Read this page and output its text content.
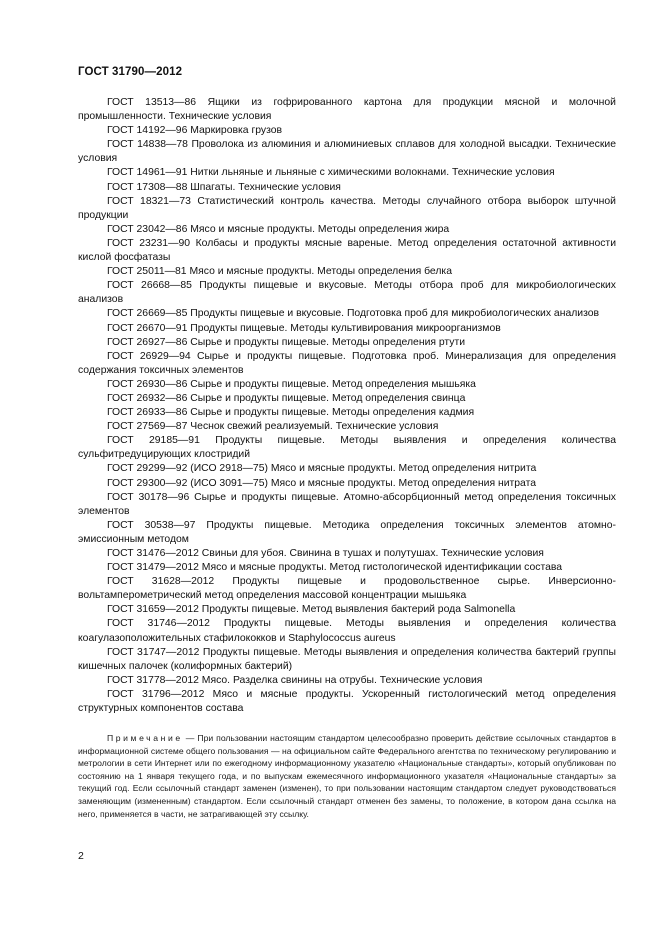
ГОСТ 31790—2012

ГОСТ 13513—86 Ящики из гофрированного картона для продукции мясной и молочной промышленности. Технические условия

ГОСТ 14192—96 Маркировка грузов

ГОСТ 14838—78 Проволока из алюминия и алюминиевых сплавов для холодной высадки. Технические условия

ГОСТ 14961—91 Нитки льняные и льняные с химическими волокнами. Технические условия

ГОСТ 17308—88 Шпагаты. Технические условия

ГОСТ 18321—73 Статистический контроль качества. Методы случайного отбора выборок штучной продукции

ГОСТ 23042—86 Мясо и мясные продукты. Методы определения жира

ГОСТ 23231—90 Колбасы и продукты мясные вареные. Метод определения остаточной активности кислой фосфатазы

ГОСТ 25011—81 Мясо и мясные продукты. Методы определения белка

ГОСТ 26668—85 Продукты пищевые и вкусовые. Методы отбора проб для микробиологических анализов

ГОСТ 26669—85 Продукты пищевые и вкусовые. Подготовка проб для микробиологических анализов

ГОСТ 26670—91 Продукты пищевые. Методы культивирования микроорганизмов

ГОСТ 26927—86 Сырье и продукты пищевые. Методы определения ртути

ГОСТ 26929—94 Сырье и продукты пищевые. Подготовка проб. Минерализация для определения содержания токсичных элементов

ГОСТ 26930—86 Сырье и продукты пищевые. Метод определения мышьяка

ГОСТ 26932—86 Сырье и продукты пищевые. Метод определения свинца

ГОСТ 26933—86 Сырье и продукты пищевые. Методы определения кадмия

ГОСТ 27569—87 Чеснок свежий реализуемый. Технические условия

ГОСТ 29185—91 Продукты пищевые. Методы выявления и определения количества сульфитредуцирующих клостридий

ГОСТ 29299—92 (ИСО 2918—75) Мясо и мясные продукты. Метод определения нитрита

ГОСТ 29300—92 (ИСО 3091—75) Мясо и мясные продукты. Метод определения нитрата

ГОСТ 30178—96 Сырье и продукты пищевые. Атомно-абсорбционный метод определения токсичных элементов

ГОСТ 30538—97 Продукты пищевые. Методика определения токсичных элементов атомно-эмиссионным методом

ГОСТ 31476—2012 Свиньи для убоя. Свинина в тушах и полутушах. Технические условия

ГОСТ 31479—2012 Мясо и мясные продукты. Метод гистологической идентификации состава

ГОСТ 31628—2012 Продукты пищевые и продовольственное сырье. Инверсионно-вольтамперометрический метод определения массовой концентрации мышьяка

ГОСТ 31659—2012 Продукты пищевые. Метод выявления бактерий рода Salmonella

ГОСТ 31746—2012 Продукты пищевые. Методы выявления и определения количества коагулазоположительных стафилококков и Staphylococcus aureus

ГОСТ 31747—2012 Продукты пищевые. Методы выявления и определения количества бактерий группы кишечных палочек (колиформных бактерий)

ГОСТ 31778—2012 Мясо. Разделка свинины на отрубы. Технические условия

ГОСТ 31796—2012 Мясо и мясные продукты. Ускоренный гистологический метод определения структурных компонентов состава

Примечание — При пользовании настоящим стандартом целесообразно проверить действие ссылочных стандартов в информационной системе общего пользования — на официальном сайте Федерального агентства по техническому регулированию и метрологии в сети Интернет или по ежегодному информационному указателю «Национальные стандарты», который опубликован по состоянию на 1 января текущего года, и по выпускам ежемесячного информационного указателя «Национальные стандарты» за текущий год. Если ссылочный стандарт заменен (изменен), то при пользовании настоящим стандартом следует руководствоваться заменяющим (измененным) стандартом. Если ссылочный стандарт отменен без замены, то положение, в котором дана ссылка на него, применяется в части, не затрагивающей эту ссылку.
2
